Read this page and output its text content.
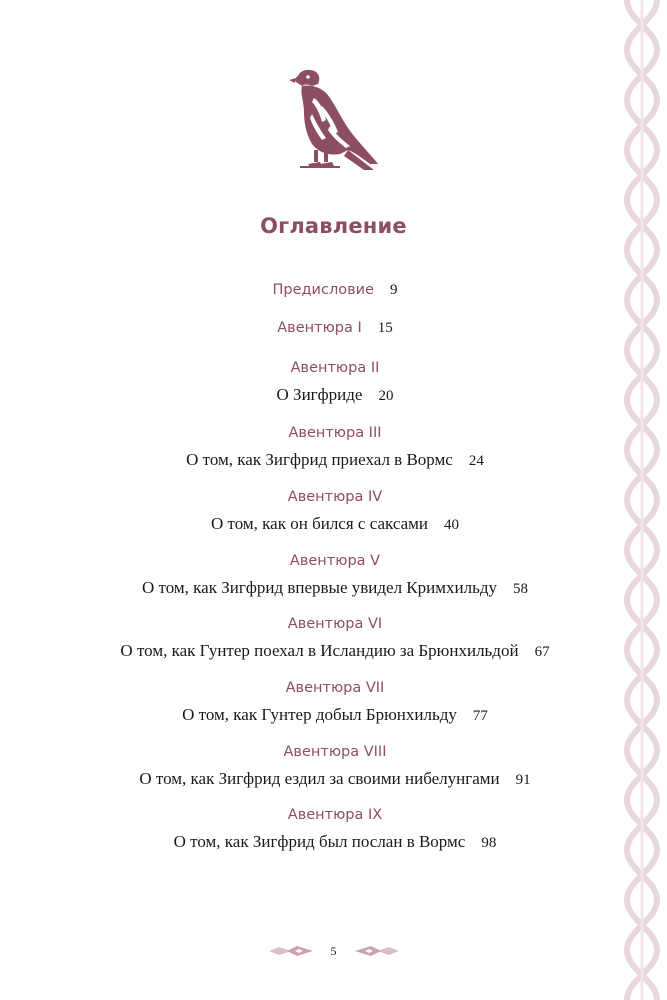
Оглавление
Предисловие 9
Авентюра I 15
Авентюра II
О Зигфриде 20
Авентюра III
О том, как Зигфрид приехал в Вормс 24
Авентюра IV
О том, как он бился с саксами 40
Авентюра V
О том, как Зигфрид впервые увидел Кримхильду 58
Авентюра VI
О том, как Гунтер поехал в Исландию за Брюнхильдой 67
Авентюра VII
О том, как Гунтер добыл Брюнхильду 77
Авентюра VIII
О том, как Зигфрид ездил за своими нибелунгами 91
Авентюра IX
О том, как Зигфрид был послан в Вормс 98
5
